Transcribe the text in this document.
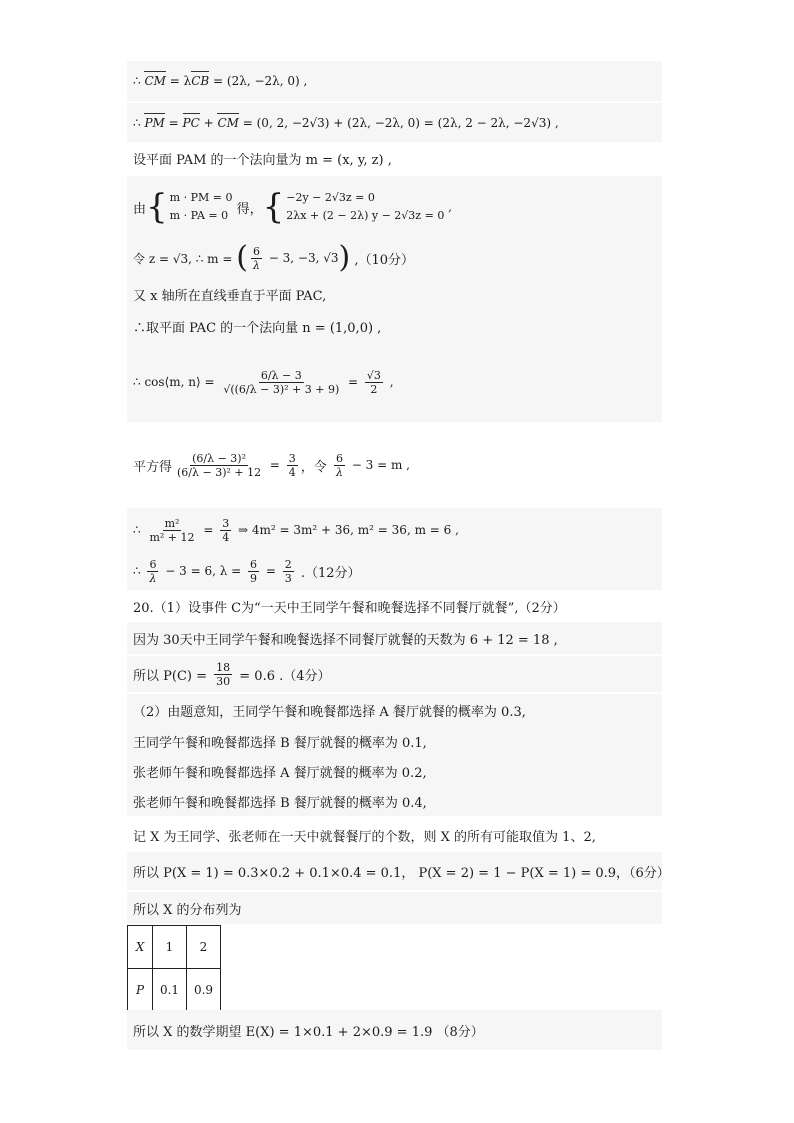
∴ CM = λ CB = (2λ, −2λ, 0) ,
∴ PM = PC + CM = (0, 2, −2√3) + (2λ, −2λ, 0) = (2λ, 2 − 2λ, −2√3) ,
设平面 PAM 的一个法向量为 m = (x, y, z) ,
由 { m · PM = 0
m · PA = 0 得， { −2y − 2√3z = 0
2λx + (2 − 2λ) y − 2√3z = 0
,
令 z = √3, ∴ m = ( $\frac{6}{\lambda} - 3$, −3, √3 ) ,（10分）
又 x 轴所在直线垂直于平面 PAC,
∴取平面 PAC 的一个法向量 n = (1,0,0) ,
∴ cos⟨m, n⟩ = $\frac{6/\lambda - 3}{\text{√((6/λ − 3)² + 3 + 9)}} = \frac{√3}{2}$ ,
平方得 $\frac{\text{(6/λ − 3)²}}{\text{(6/λ − 3)² + 12}} = \frac{3}{4}$ ，令 $\frac{6}{\lambda} - 3 = m$ ,
∴ $\frac{\text{m²}}{\text{m² + 12}} = \frac{3}{4}$ ⇒ 4m² = 3m² + 36, m² = 36, m = 6 ,
∴ $\frac{6}{\lambda} - 3 = 6$, $\lambda = \frac{6}{9} = \frac{2}{3} .(12$分）
20.（1）设事件 C为“一天中王同学午餐和晚餐选择不同餐厅就餐”,（2分）
因为 30天中王同学午餐和晚餐选择不同餐厅就餐的天数为 6 + 12 = 18 ,
所以 $P(C) = \frac{18}{30} = 0.6$ .（4分）
（2）由题意知，王同学午餐和晚餐都选择 A 餐厅就餐的概率为 0.3,
王同学午餐和晚餐都选择 B 餐厅就餐的概率为 0.1,
张老师午餐和晚餐都选择 A 餐厅就餐的概率为 0.2,
张老师午餐和晚餐都选择 B 餐厅就餐的概率为 0.4,
记 X 为王同学、张老师在一天中就餐餐厅的个数，则 X 的所有可能取值为 1、2,
所以 P(X = 1) = 0.3×0.2 + 0.1×0.4 = 0.1， P(X = 2) = 1 − P(X = 1) = 0.9，（6分）
所以 X 的分布列为
X	1	2
P	0.1	0.9
所以 X 的数学期望 E(X) = 1×0.1 + 2×0.9 = 1.9 （8分）
